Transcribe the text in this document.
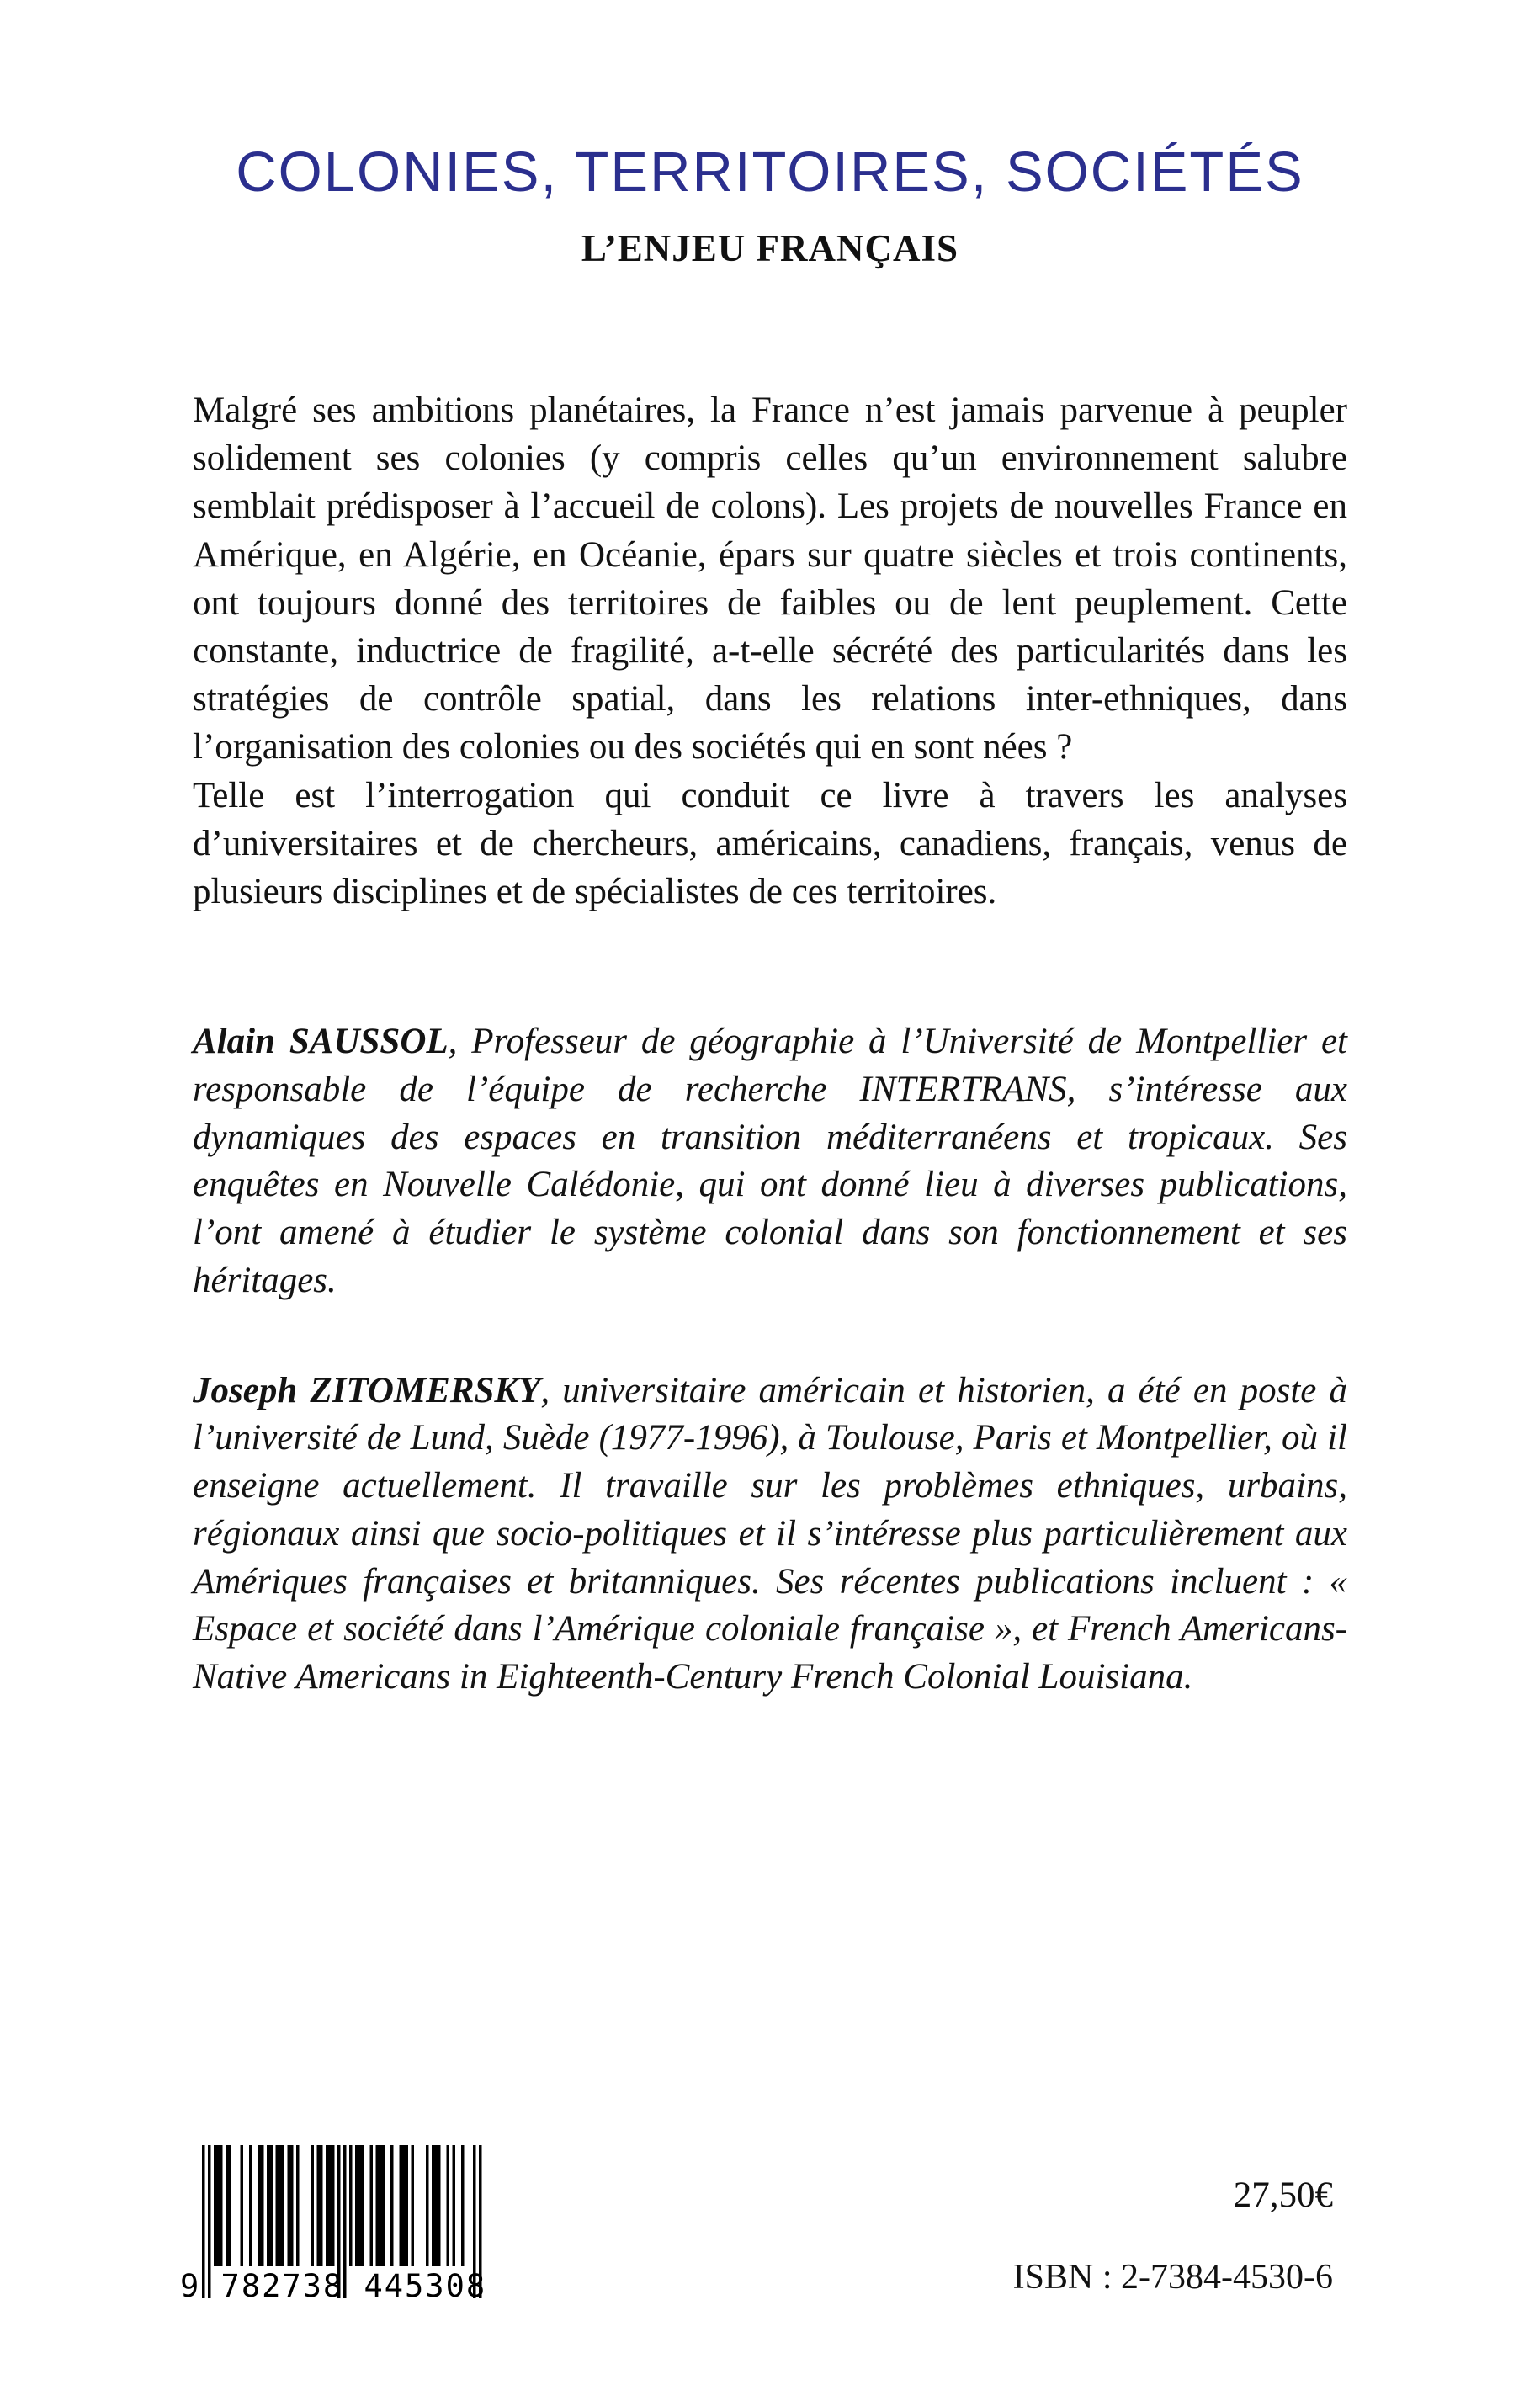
COLONIES, TERRITOIRES, SOCIÉTÉS
L’ENJEU FRANÇAIS

Malgré ses ambitions planétaires, la France n’est jamais parvenue à peupler solidement ses colonies (y compris celles qu’un environnement salubre semblait prédisposer à l’accueil de colons). Les projets de nouvelles France en Amérique, en Algérie, en Océanie, épars sur quatre siècles et trois continents, ont toujours donné des territoires de faibles ou de lent peuplement. Cette constante, inductrice de fragilité, a-t-elle sécrété des particularités dans les stratégies de contrôle spatial, dans les relations inter-ethniques, dans l’organisation des colonies ou des sociétés qui en sont nées ?

Telle est l’interrogation qui conduit ce livre à travers les analyses d’universitaires et de chercheurs, américains, canadiens, français, venus de plusieurs disciplines et de spécialistes de ces territoires.

Alain SAUSSOL, Professeur de géographie à l’Université de Montpellier et responsable de l’équipe de recherche INTERTRANS, s’intéresse aux dynamiques des espaces en transition méditerranéens et tropicaux. Ses enquêtes en Nouvelle Calédonie, qui ont donné lieu à diverses publications, l’ont amené à étudier le système colonial dans son fonctionnement et ses héritages.

Joseph ZITOMERSKY, universitaire américain et historien, a été en poste à l’université de Lund, Suède (1977-1996), à Toulouse, Paris et Montpellier, où il enseigne actuellement. Il travaille sur les problèmes ethniques, urbains, régionaux ainsi que socio-politiques et il s’intéresse plus particulièrement aux Amériques françaises et britanniques. Ses récentes publications incluent : « Espace et société dans l’Amérique coloniale française », et French Americans-Native Americans in Eighteenth-Century French Colonial Louisiana.

9 782738 445308
27,50€
ISBN : 2-7384-4530-6
